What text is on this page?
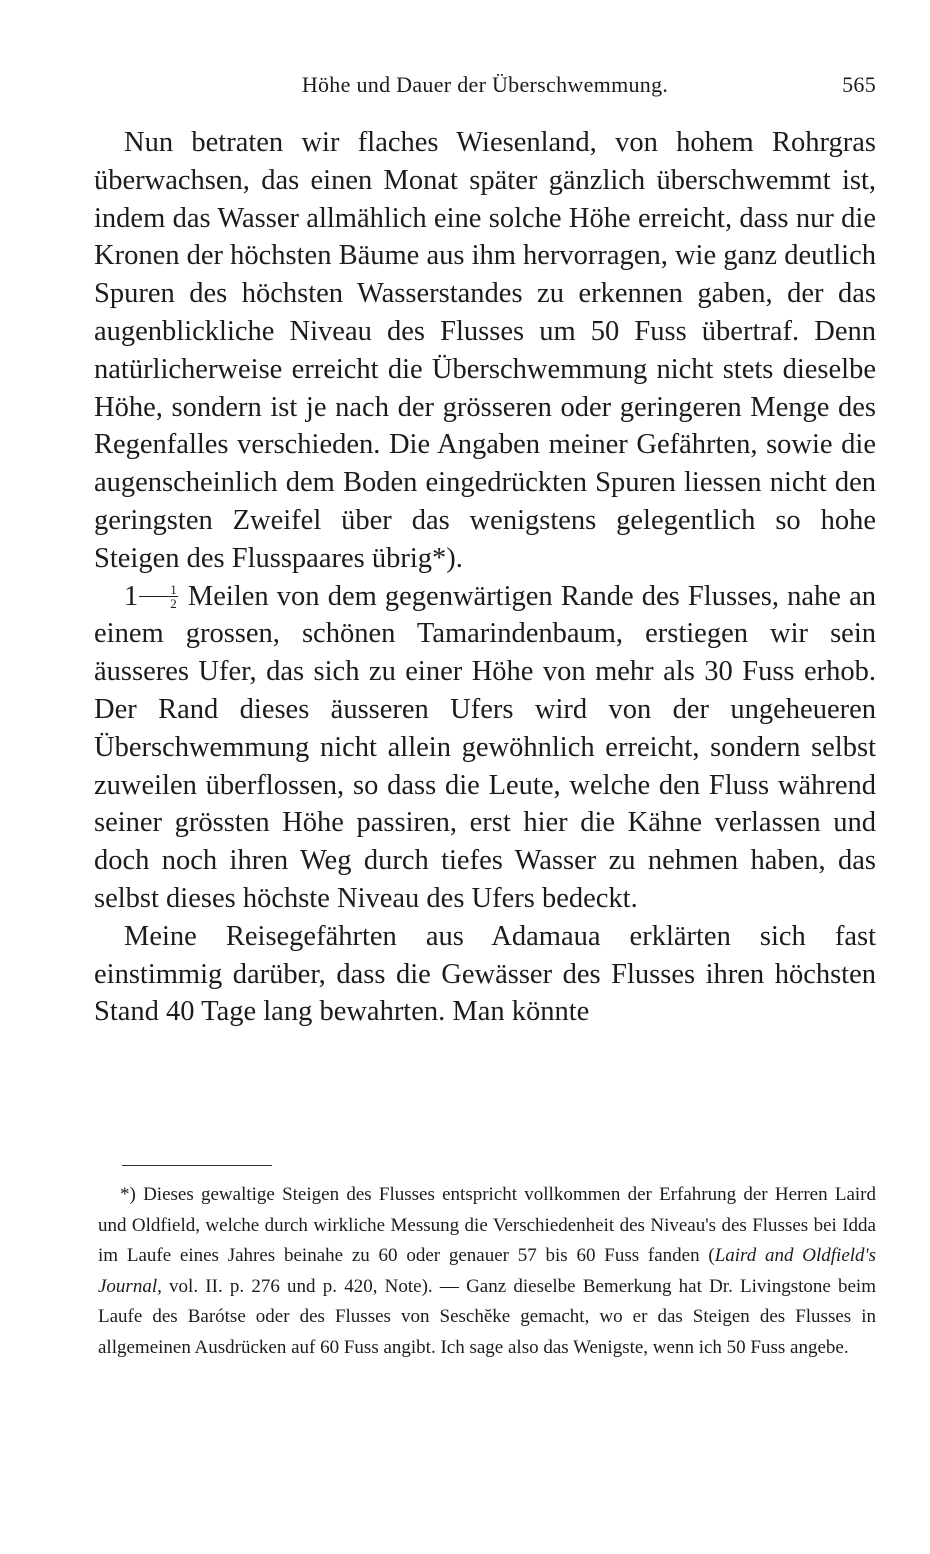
Höhe und Dauer der Überschwemmung.	565

Nun betraten wir flaches Wiesenland, von hohem Rohrgras überwachsen, das einen Monat später gänzlich überschwemmt ist, indem das Wasser allmählich eine solche Höhe erreicht, dass nur die Kronen der höchsten Bäume aus ihm hervorragen, wie ganz deutlich Spuren des höchsten Wasserstandes zu erkennen gaben, der das augenblickliche Niveau des Flusses um 50 Fuss übertraf. Denn natürlicherweise erreicht die Überschwemmung nicht stets dieselbe Höhe, sondern ist je nach der grösseren oder geringeren Menge des Regenfalles verschieden. Die Angaben meiner Gefährten, sowie die augenscheinlich dem Boden eingedrückten Spuren liessen nicht den geringsten Zweifel über das wenigstens gelegentlich so hohe Steigen des Flusspaares übrig*).

$1 \frac{1}{2}$ Meilen von dem gegenwärtigen Rande des Flusses, nahe an einem grossen, schönen Tamarindenbaum, erstiegen wir sein äusseres Ufer, das sich zu einer Höhe von mehr als 30 Fuss erhob. Der Rand dieses äusseren Ufers wird von der ungeheueren Überschwemmung nicht allein gewöhnlich erreicht, sondern selbst zuweilen überflossen, so dass die Leute, welche den Fluss während seiner grössten Höhe passiren, erst hier die Kähne verlassen und doch noch ihren Weg durch tiefes Wasser zu nehmen haben, das selbst dieses höchste Niveau des Ufers bedeckt.

Meine Reisegefährten aus Adamaua erklärten sich fast einstimmig darüber, dass die Gewässer des Flusses ihren höchsten Stand 40 Tage lang bewahrten. Man könnte

*) Dieses gewaltige Steigen des Flusses entspricht vollkommen der Erfahrung der Herren Laird und Oldfield, welche durch wirkliche Messung die Verschiedenheit des Niveau's des Flusses bei Idda im Laufe eines Jahres beinahe zu 60 oder genauer 57 bis 60 Fuss fanden (Laird and Oldfield's Journal, vol. II. p. 276 und p. 420, Note). — Ganz dieselbe Bemerkung hat Dr. Livingstone beim Laufe des Barótse oder des Flusses von Seschĕke gemacht, wo er das Steigen des Flusses in allgemeinen Ausdrücken auf 60 Fuss angibt. Ich sage also das Wenigste, wenn ich 50 Fuss angebe.
